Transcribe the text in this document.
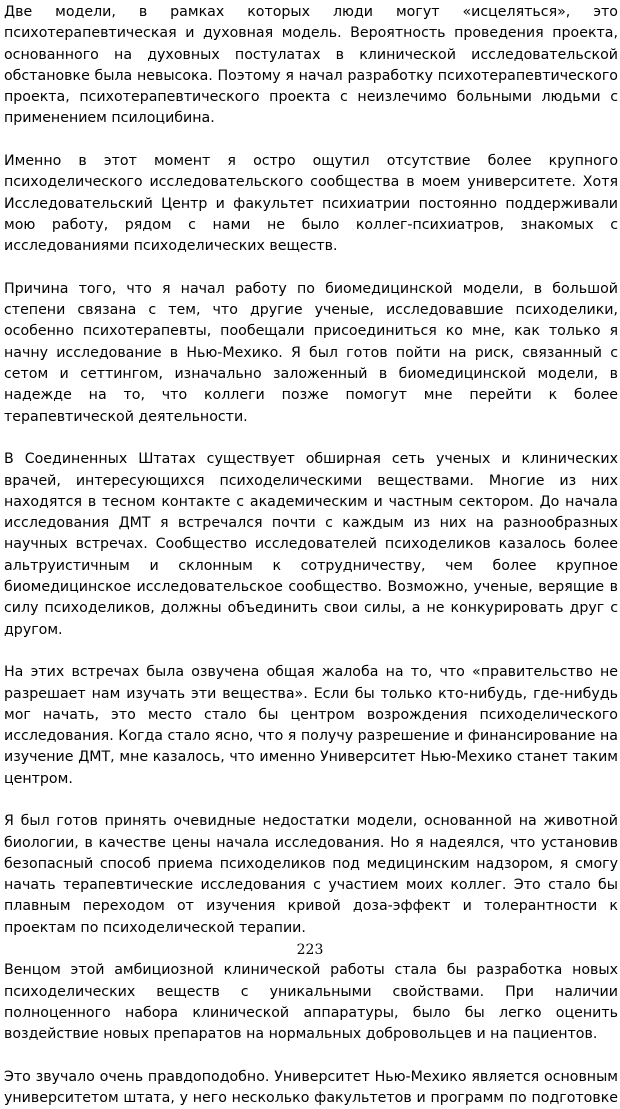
Две модели, в рамках которых люди могут «исцеляться», это психотерапевтическая и духовная модель. Вероятность проведения проекта, основанного на духовных постулатах в клинической исследовательской обстановке была невысока. Поэтому я начал разработку психотерапевтического проекта, психотерапевтического проекта с неизлечимо больными людьми с применением псилоцибина.

Именно в этот момент я остро ощутил отсутствие более крупного психоделического исследовательского сообщества в моем университете. Хотя Исследовательский Центр и факультет психиатрии постоянно поддерживали мою работу, рядом с нами не было коллег-психиатров, знакомых с исследованиями психоделических веществ.

Причина того, что я начал работу по биомедицинской модели, в большой степени связана с тем, что другие ученые, исследовавшие психоделики, особенно психотерапевты, пообещали присоединиться ко мне, как только я начну исследование в Нью-Мехико. Я был готов пойти на риск, связанный с сетом и сеттингом, изначально заложенный в биомедицинской модели, в надежде на то, что коллеги позже помогут мне перейти к более терапевтической деятельности.

В Соединенных Штатах существует обширная сеть ученых и клинических врачей, интересующихся психоделическими веществами. Многие из них находятся в тесном контакте с академическим и частным сектором. До начала исследования ДМТ я встречался почти с каждым из них на разнообразных научных встречах. Сообщество исследователей психоделиков казалось более альтруистичным и склонным к сотрудничеству, чем более крупное биомедицинское исследовательское сообщество. Возможно, ученые, верящие в силу психоделиков, должны объединить свои силы, а не конкурировать друг с другом.

На этих встречах была озвучена общая жалоба на то, что «правительство не разрешает нам изучать эти вещества». Если бы только кто-нибудь, где-нибудь мог начать, это место стало бы центром возрождения психоделического исследования. Когда стало ясно, что я получу разрешение и финансирование на изучение ДМТ, мне казалось, что именно Университет Нью-Мехико станет таким центром.

Я был готов принять очевидные недостатки модели, основанной на животной биологии, в качестве цены начала исследования. Но я надеялся, что установив безопасный способ приема психоделиков под медицинским надзором, я смогу начать терапевтические исследования с участием моих коллег. Это стало бы плавным переходом от изучения кривой доза-эффект и толерантности к проектам по психоделической терапии.

Венцом этой амбициозной клинической работы стала бы разработка новых психоделических веществ с уникальными свойствами. При наличии полноценного набора клинической аппаратуры, было бы легко оценить воздействие новых препаратов на нормальных добровольцев и на пациентов.

Это звучало очень правдоподобно. Университет Нью-Мехико является основным университетом штата, у него несколько факультетов и программ по подготовке

223
